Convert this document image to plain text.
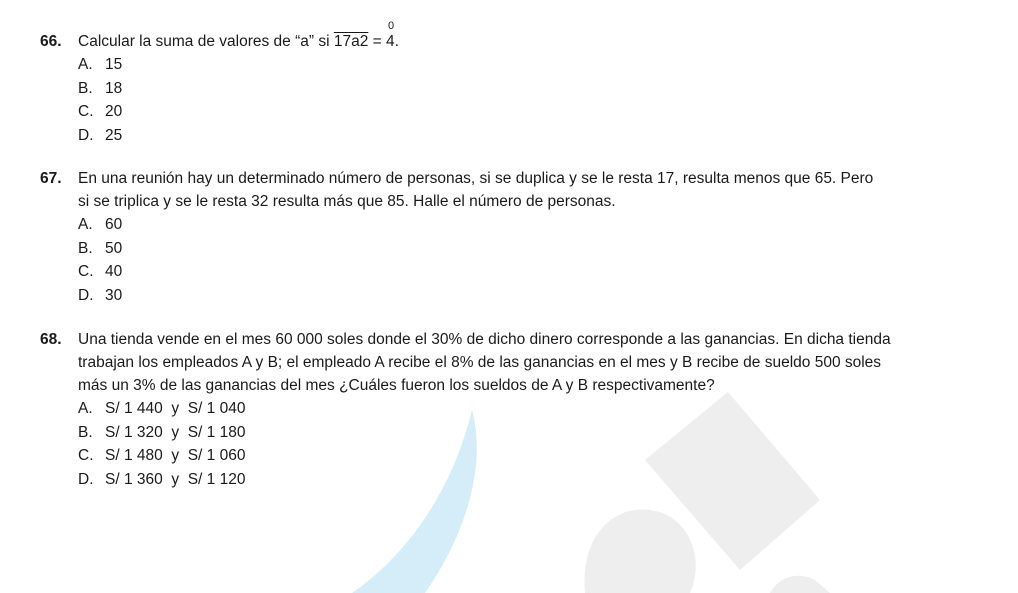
66. Calcular la suma de valores de “a” si 17a2 =
0
4.
A. 15
B. 18
C. 20
D. 25
67. En una reunión hay un determinado número de personas, si se duplica y se le resta 17, resulta menos que 65. Pero
si se triplica y se le resta 32 resulta más que 85. Halle el número de personas.
A. 60
B. 50
C. 40
D. 30
68. Una tienda vende en el mes 60 000 soles donde el 30% de dicho dinero corresponde a las ganancias. En dicha tienda
trabajan los empleados A y B; el empleado A recibe el 8% de las ganancias en el mes y B recibe de sueldo 500 soles
más un 3% de las ganancias del mes ¿Cuáles fueron los sueldos de A y B respectivamente?
A. S/ 1 440  y  S/ 1 040
B. S/ 1 320  y  S/ 1 180
C. S/ 1 480  y  S/ 1 060
D. S/ 1 360  y  S/ 1 120
